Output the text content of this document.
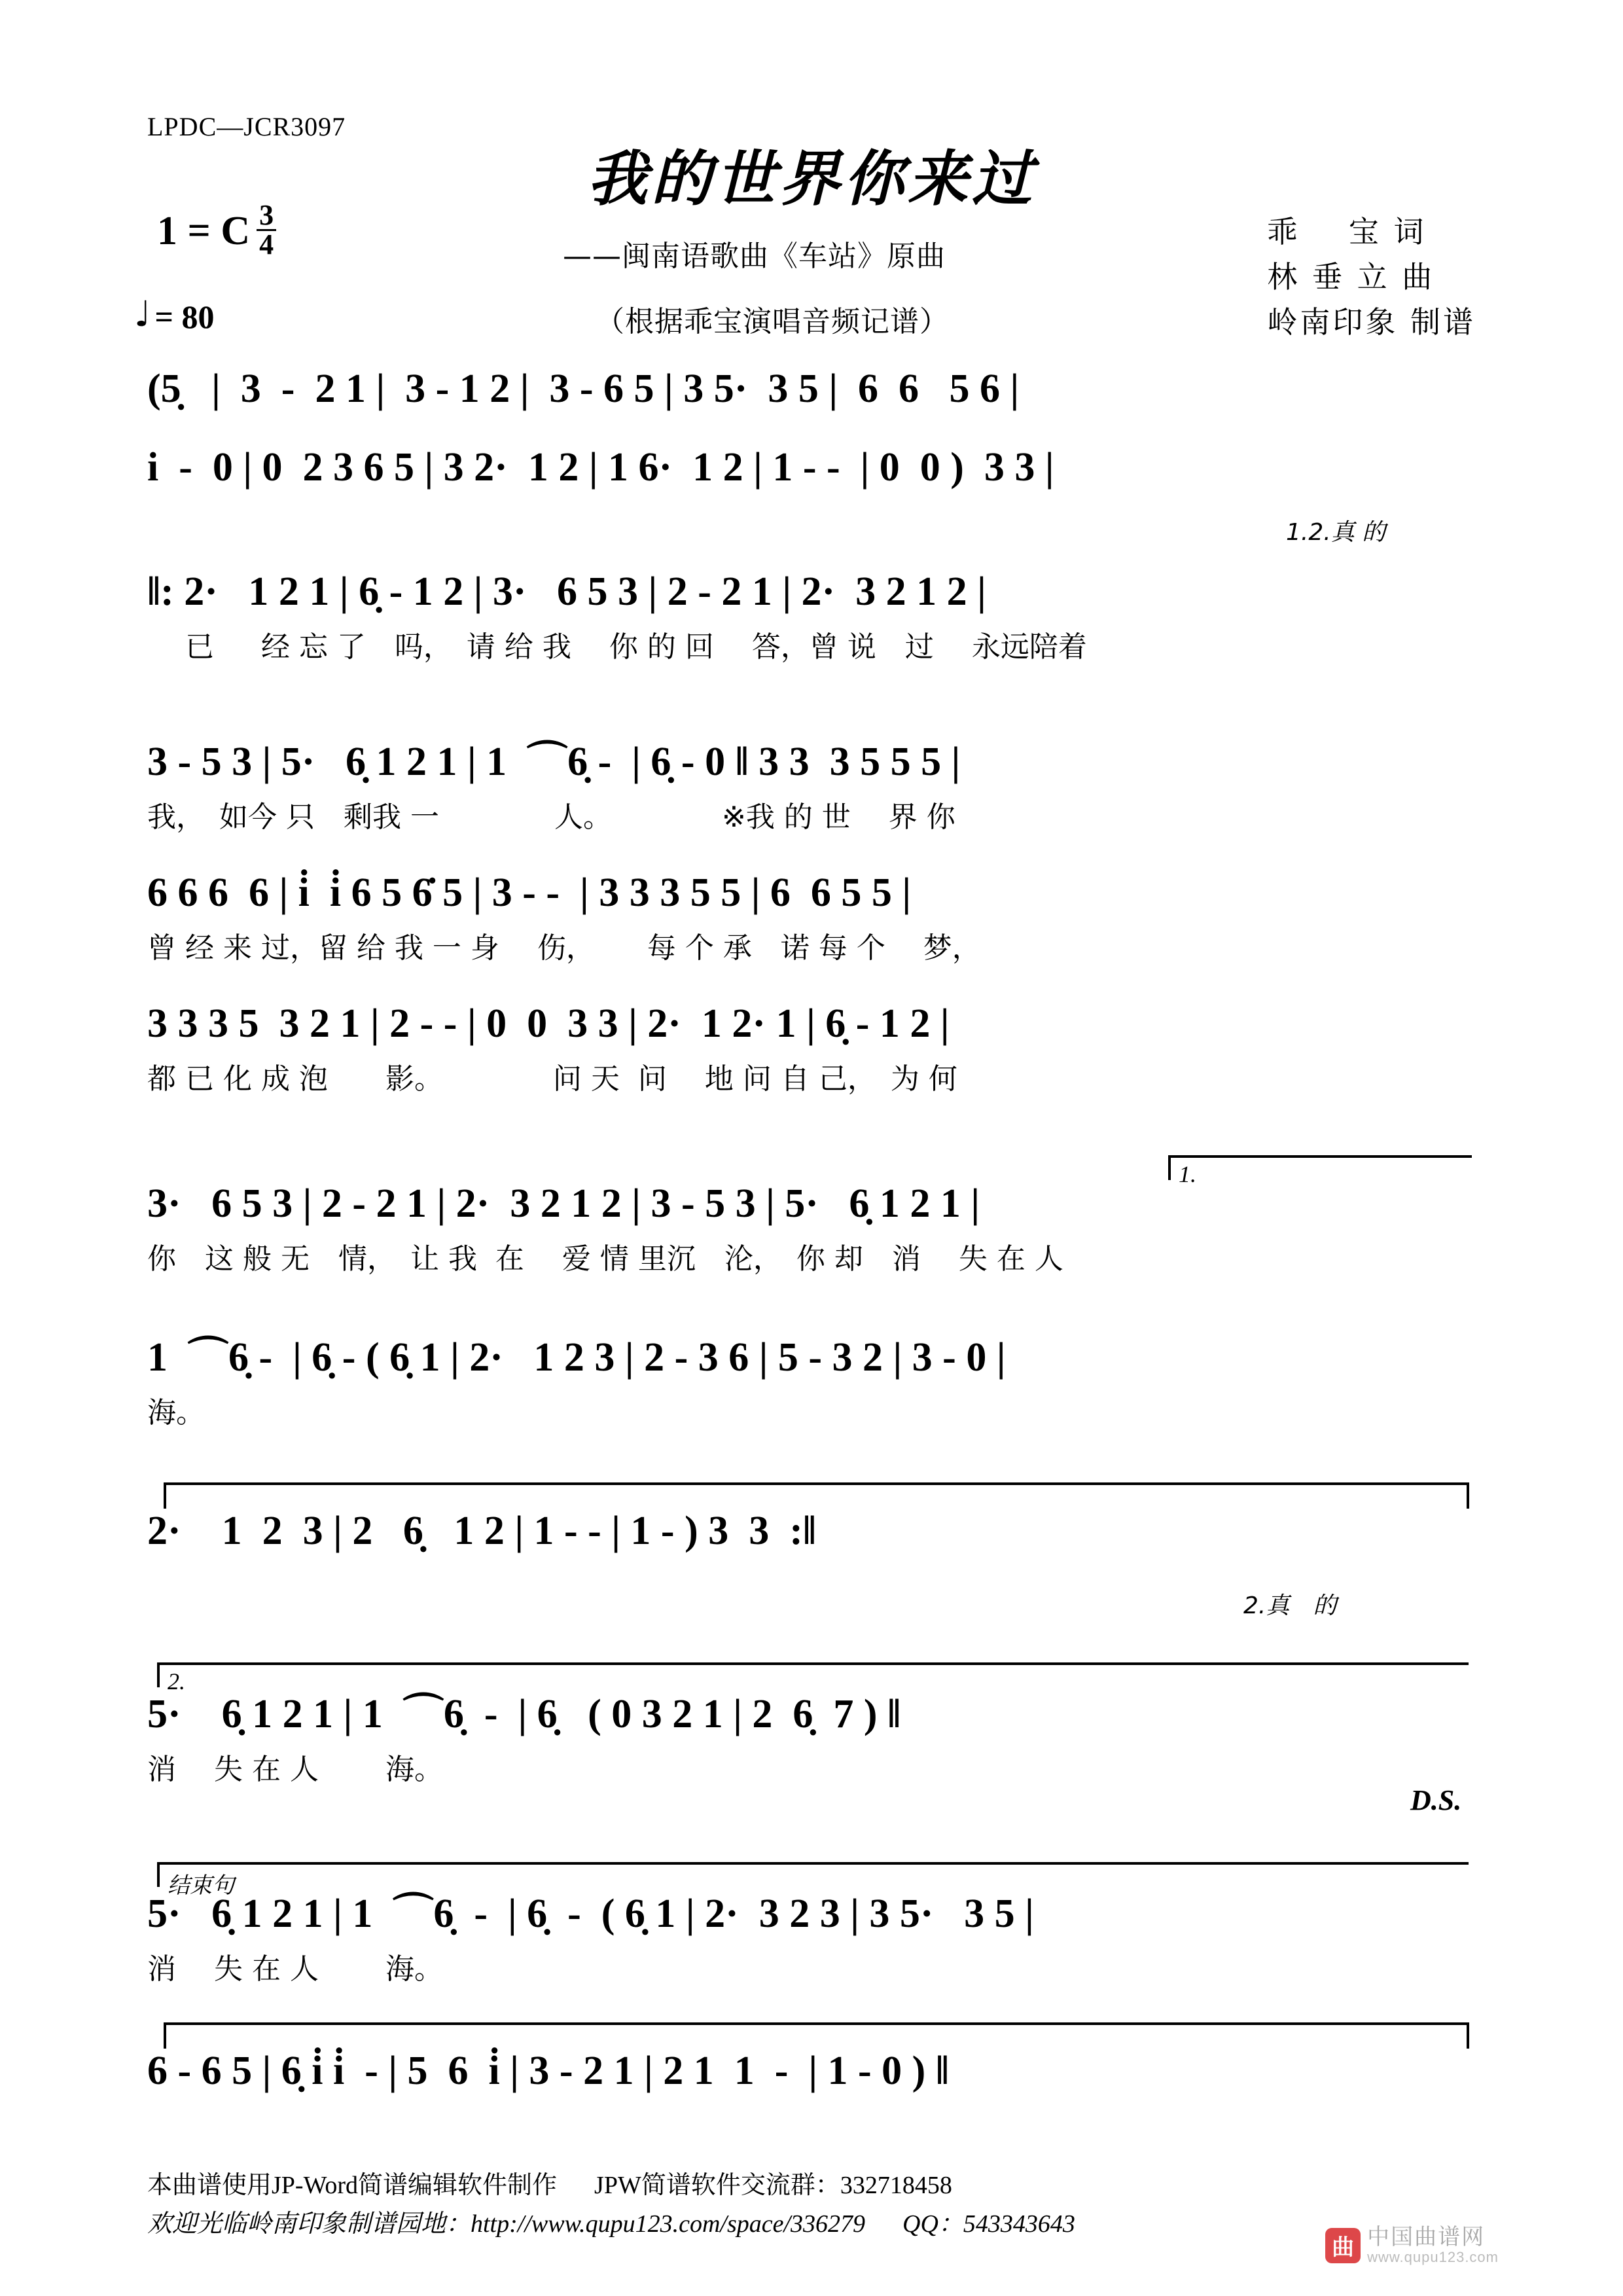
LPDC—JCR3097
我的世界你来过
——闽南语歌曲《车站》原曲
（根据乖宝演唱音频记谱）
1 = C $\frac{3}{4}$
♩ = 80
乖    宝 词
林 垂 立 曲
岭南印象 制谱
(5̣   |  3  -  2 1 |  3 - 1 2 |  3 - 6 5 | 3 5·  3 5 |  6  6   5 6 |
i  -  0 | 0  2 3 6 5 | 3 2·  1 2 | 1 6·  1 2 | 1 - -  | 0  0 )  3 3 |
1.2.真 的
‖: 2·   1 2 1 | 6̣ - 1 2 | 3·   6 5 3 | 2 - 2 1 | 2·  3 2 1 2 |
　 已　  经 忘 了　吗，　请 给 我　 你 的 回　 答，曾 说　过　 永远陪着
3 - 5 3 | 5·   6̣ 1 2 1 | 1  ⌒6̣ -  | 6̣ - 0 ‖ 3 3  3 5 5 5 |
我，　如今 只　剩我 一　　　　人。　　　　 ※我 的 世　 界 你
6 6 6  6 | i̇  i̇ 6 5 6̇ 5 | 3 - -  | 3 3 3 5 5 | 6  6 5 5 |
曾 经 来 过，留 给 我 一 身　 伤，　　 每 个 承　诺 每 个　 梦，
3 3 3 5  3 2 1 | 2 - - | 0  0  3 3 | 2·  1 2· 1 | 6̣ - 1 2 |
都 已 化 成 泡　　影。　　　　 问 天  问　 地 问 自 己，　为 何
1.
3·   6 5 3 | 2 - 2 1 | 2·  3 2 1 2 | 3 - 5 3 | 5·   6̣ 1 2 1 |
你　这 般 无　情，　让 我  在　 爱 情 里沉　沦，　你 却　消　 失 在 人
1  ⌒6̣ -  | 6̣ - ( 6̣ 1 | 2·   1 2 3 | 2 - 3 6 | 5 - 3 2 | 3 - 0 |
海。
2·    1  2  3 | 2   6̣   1 2 | 1 - - | 1 - ) 3  3  :‖
2.真　的
2.
5·    6̣ 1 2 1 | 1  ⌒6̣  -  | 6̣   ( 0 3 2 1 | 2  6̣  7 ) ‖
消　 失 在 人　　 海。
D.S.
结束句
5·   6̣ 1 2 1 | 1  ⌒6̣  -  | 6̣  -  ( 6̣ 1 | 2·  3 2 3 | 3 5·   3 5 |
消　 失 在 人　　 海。
6 - 6 5 | 6̣ i̇ i̇  - | 5  6  i̇ | 3 - 2 1 | 2 1  1  -  | 1 - 0 ) ‖
本曲谱使用JP-Word简谱编辑软件制作      JPW简谱软件交流群：332718458
欢迎光临岭南印象制谱园地：http://www.qupu123.com/space/336279      QQ：543343643
曲 中国曲谱网
www.qupu123.com
